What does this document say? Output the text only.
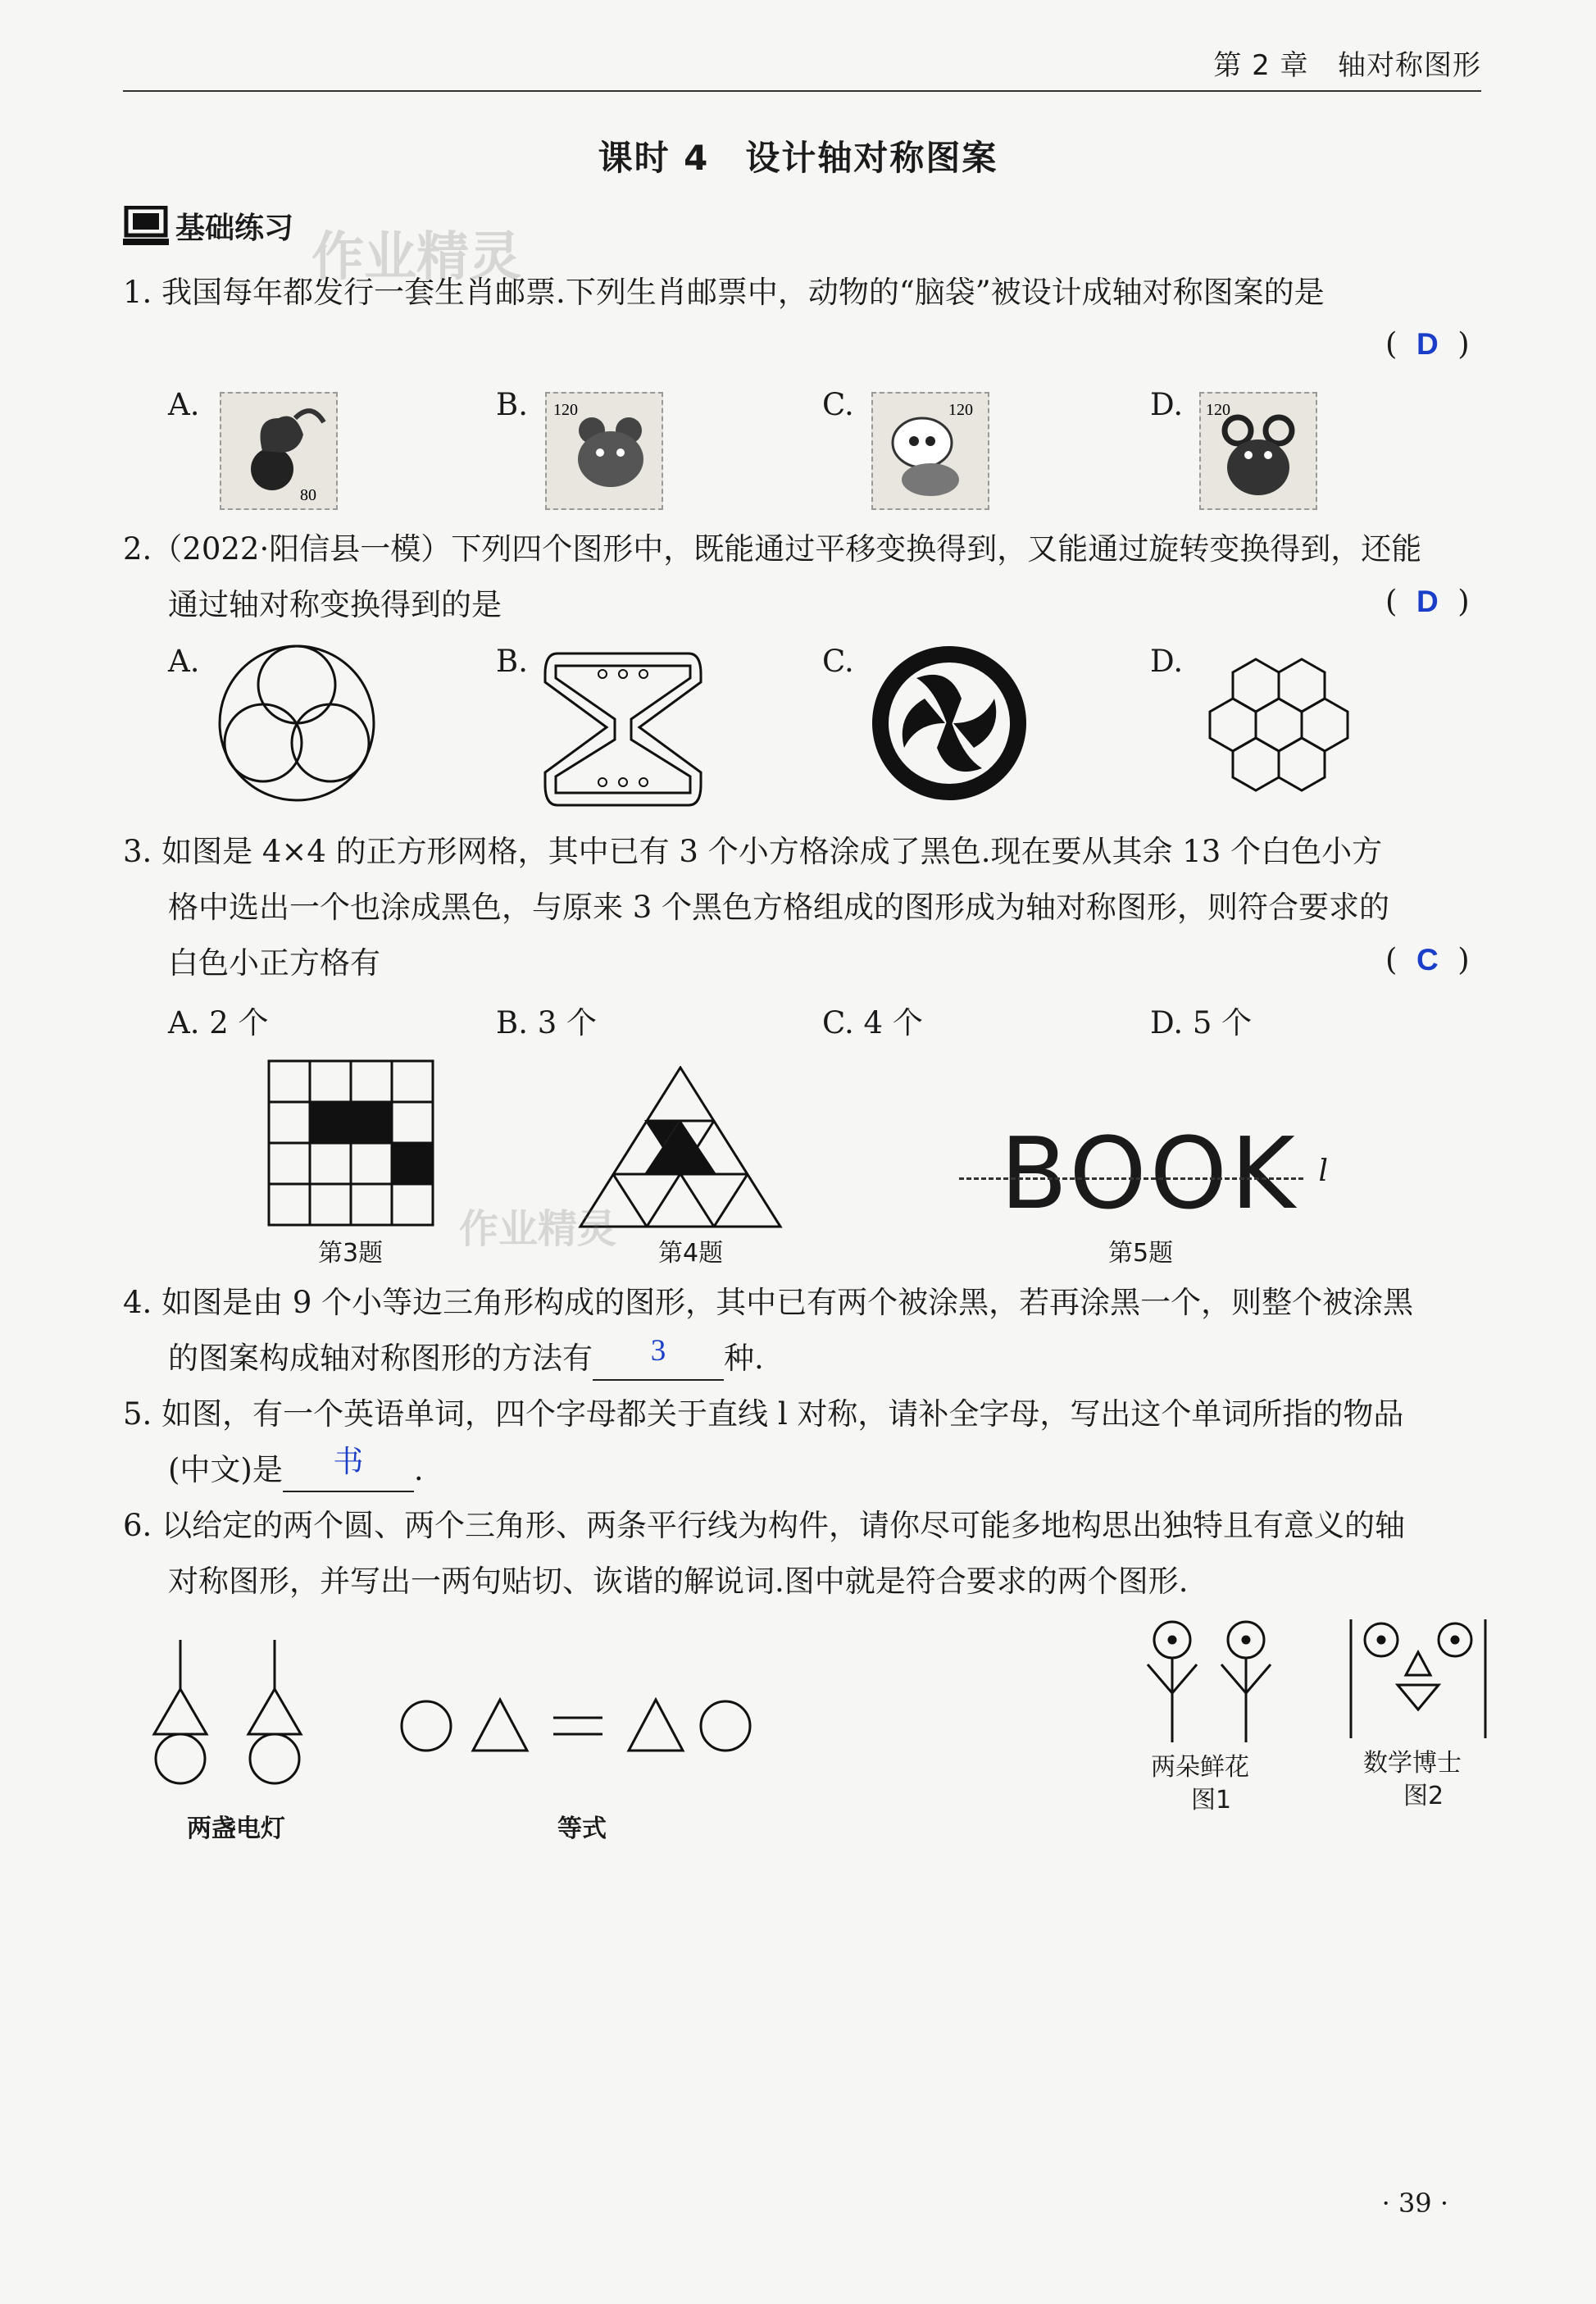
第 2 章 轴对称图形
课时 4　设计轴对称图案
基础练习 作业精灵
1. 我国每年都发行一套生肖邮票.下列生肖邮票中，动物的“脑袋”被设计成轴对称图案的是
(  D  )
A.	B.	C.	D.
80
120	120	120
2.（2022·阳信县一模）下列四个图形中，既能通过平移变换得到，又能通过旋转变换得到，还能
通过轴对称变换得到的是	(  D  )
A.	B.	C.	D.
3. 如图是 4×4 的正方形网格，其中已有 3 个小方格涂成了黑色.现在要从其余 13 个白色小方
格中选出一个也涂成黑色，与原来 3 个黑色方格组成的图形成为轴对称图形，则符合要求的
白色小正方格有	(  C  )
A. 2 个	B. 3 个	C. 4 个	D. 5 个
第3题	第4题
作业精灵	BOOK l
第5题
4. 如图是由 9 个小等边三角形构成的图形，其中已有两个被涂黑，若再涂黑一个，则整个被涂黑
的图案构成轴对称图形的方法有 3 种.
5. 如图，有一个英语单词，四个字母都关于直线 l 对称，请补全字母，写出这个单词所指的物品
(中文)是 书 .
6. 以给定的两个圆、两个三角形、两条平行线为构件，请你尽可能多地构思出独特且有意义的轴
对称图形，并写出一两句贴切、诙谐的解说词.图中就是符合要求的两个图形.
两盏电灯	等式
两朵鲜花
图1
数学博士
图2
· 39 ·
